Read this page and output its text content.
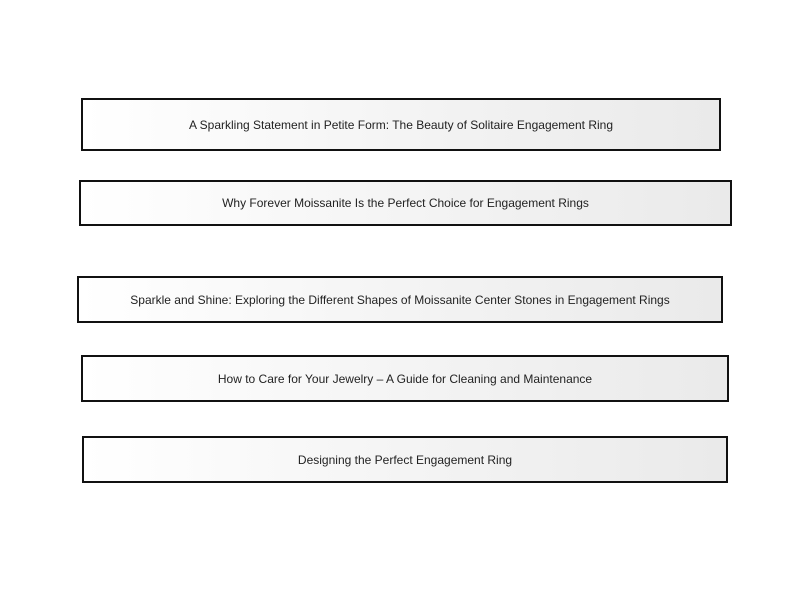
A Sparkling Statement in Petite Form: The Beauty of Solitaire Engagement Ring
Why Forever Moissanite Is the Perfect Choice for Engagement Rings
Sparkle and Shine: Exploring the Different Shapes of Moissanite Center Stones in Engagement Rings
How to Care for Your Jewelry – A Guide for Cleaning and Maintenance
Designing the Perfect Engagement Ring
